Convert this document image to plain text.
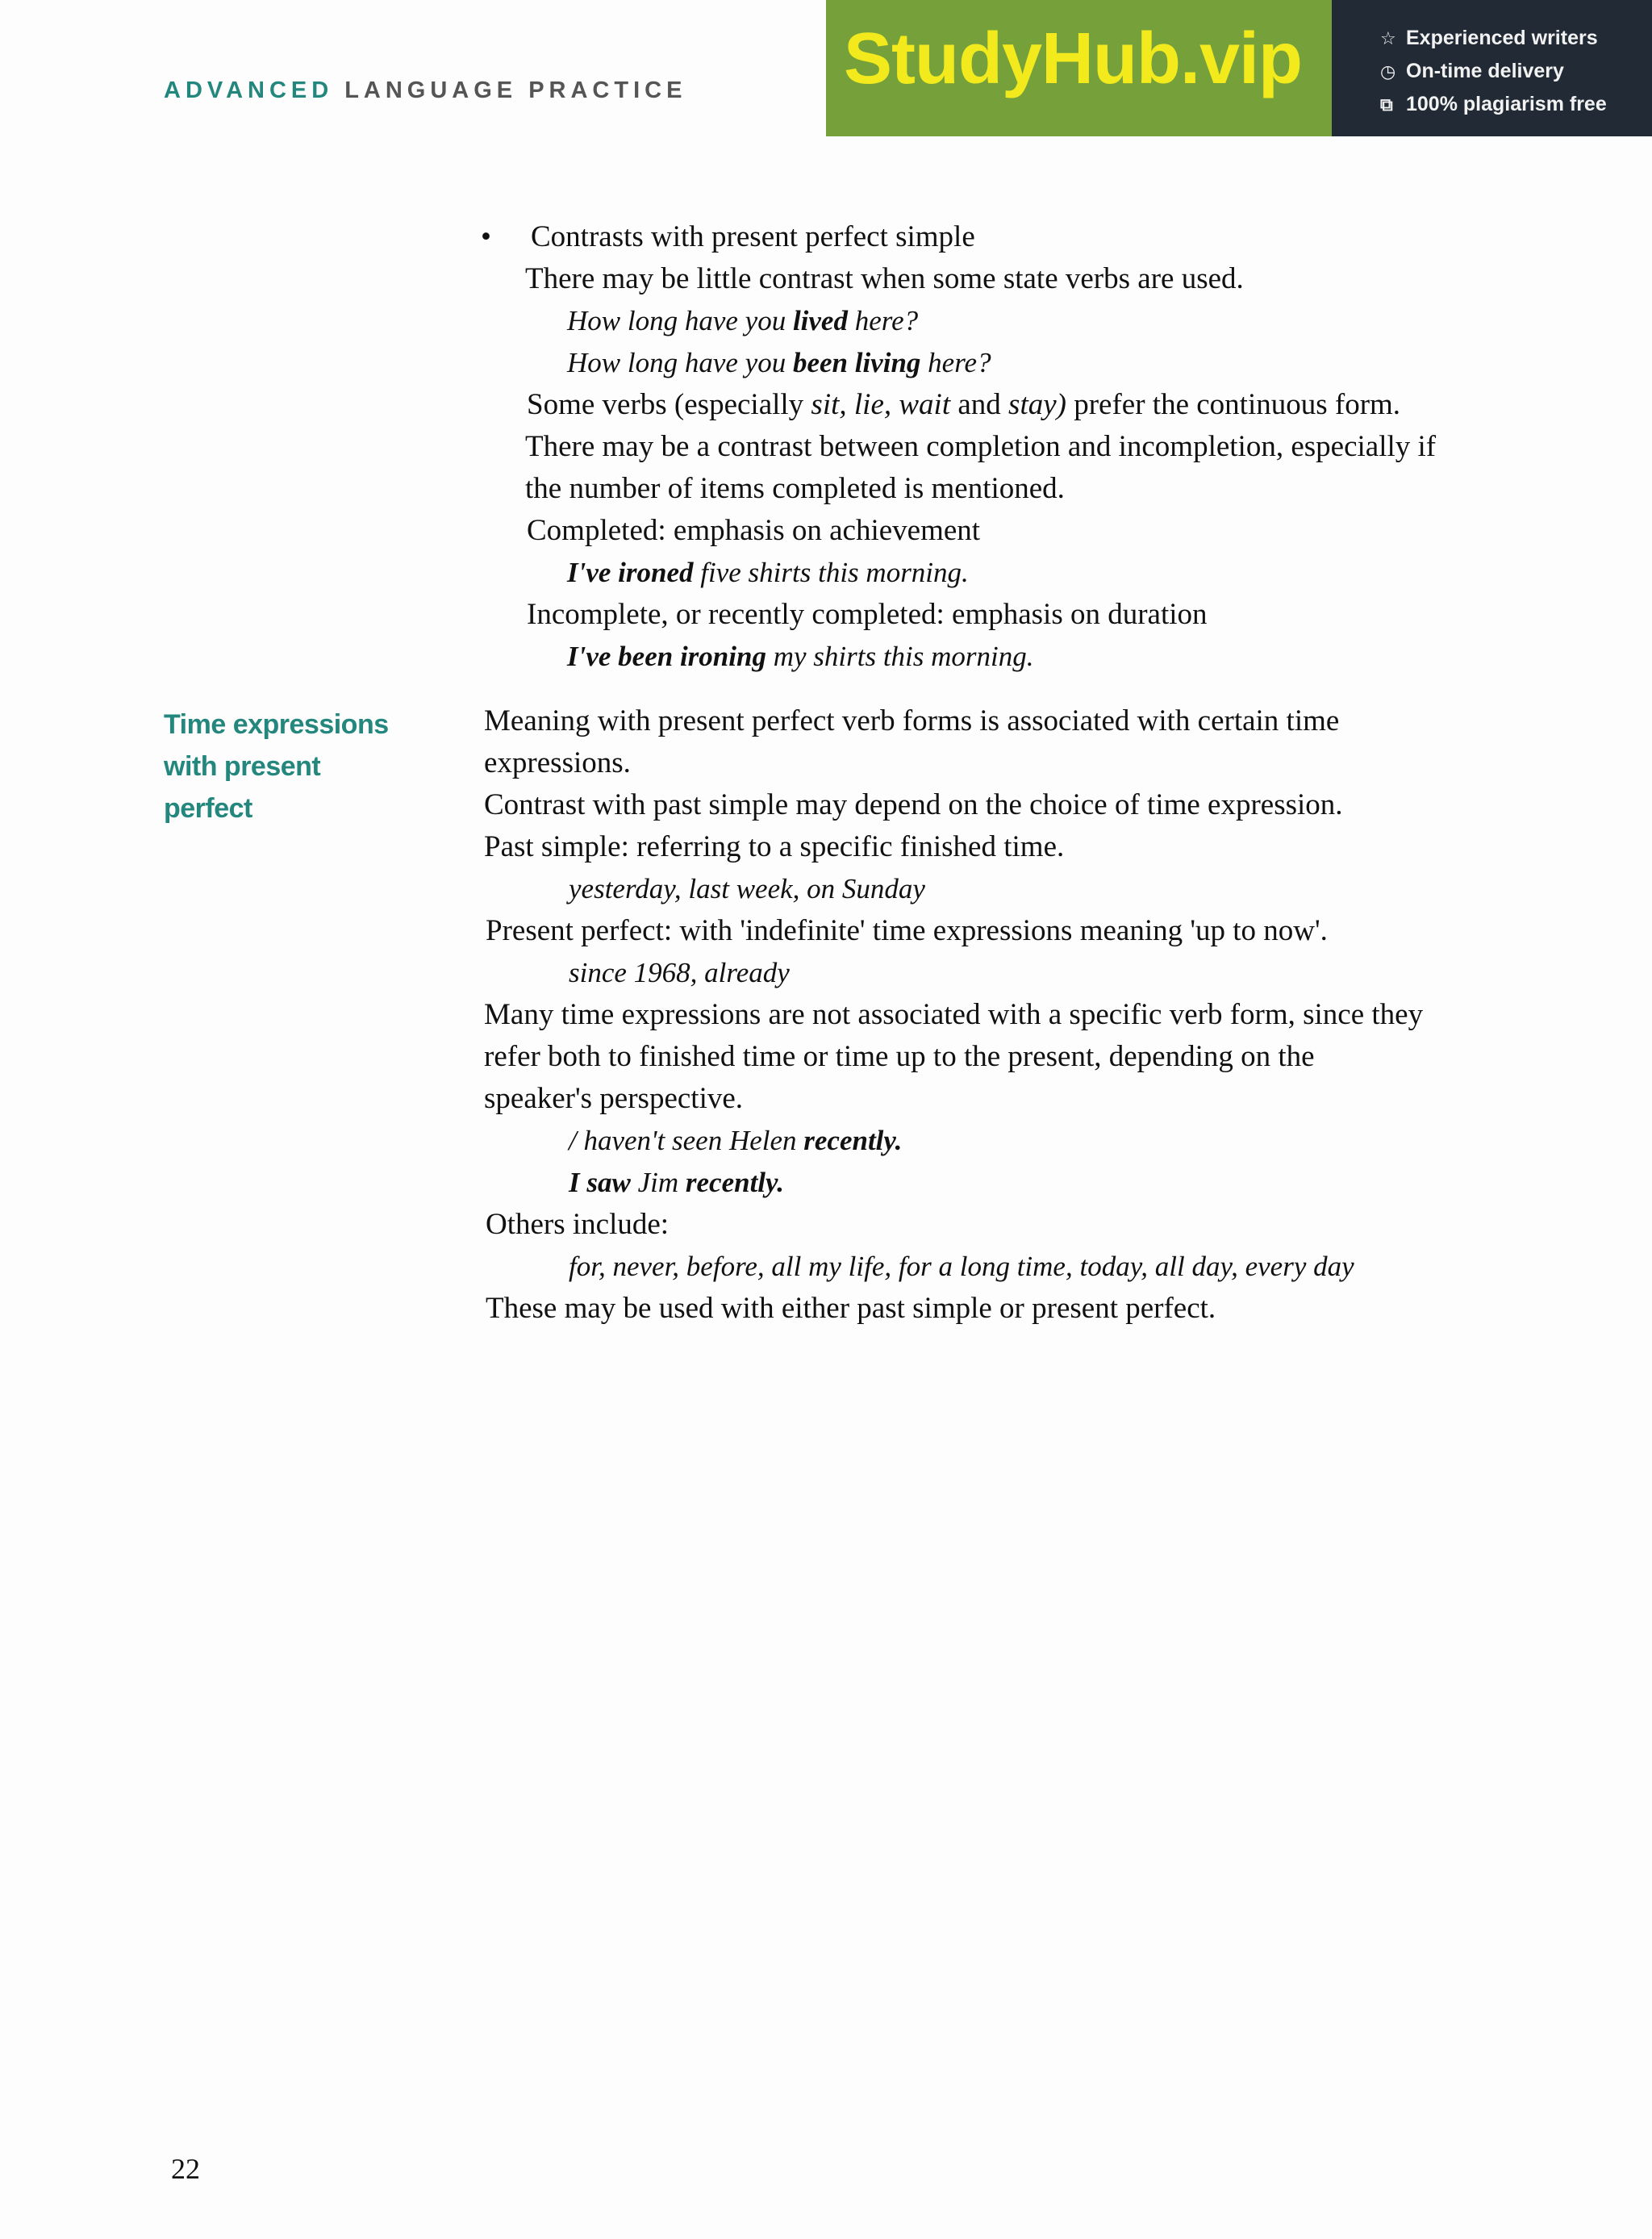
ADVANCED LANGUAGE PRACTICE StudyHub.vip	☆ Experienced writers
◷ On-time delivery
⧉ 100% plagiarism free
• Contrasts with present perfect simple
There may be little contrast when some state verbs are used.
How long have you lived here?
How long have you been living here?
Some verbs (especially sit, lie, wait and stay) prefer the continuous form.
There may be a contrast between completion and incompletion, especially if
the number of items completed is mentioned.
Completed: emphasis on achievement
I've ironed five shirts this morning.
Incomplete, or recently completed: emphasis on duration
I've been ironing my shirts this morning.
Time expressions
with present
perfect
Meaning with present perfect verb forms is associated with certain time
expressions.
Contrast with past simple may depend on the choice of time expression.
Past simple: referring to a specific finished time.
yesterday, last week, on Sunday
Present perfect: with 'indefinite' time expressions meaning 'up to now'.
since 1968, already
Many time expressions are not associated with a specific verb form, since they
refer both to finished time or time up to the present, depending on the
speaker's perspective.
/ haven't seen Helen recently.
I saw Jim recently.
Others include:
for, never, before, all my life, for a long time, today, all day, every day
These may be used with either past simple or present perfect.
22
